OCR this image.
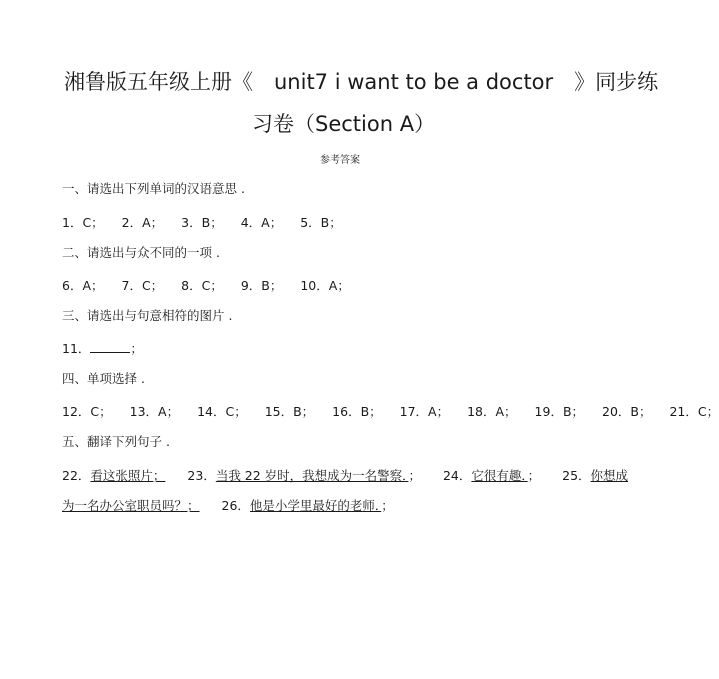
湘鲁版五年级上册《　unit7 i want to be a doctor　》同步练
习卷（Section A）
参考答案
一、请选出下列单词的汉语意思 .
1．C； 2．A； 3．B； 4．A； 5．B；
二、请选出与众不同的一项 .
6．A； 7．C； 8．C； 9．B； 10．A；
三、请选出与句意相符的图片 .
11．	；
四、单项选择 .
12．C； 13．A； 14．C； 15．B； 16．B； 17．A； 18．A； 19．B； 20．B； 21．C；
五、翻译下列句子 .
22．看这张照片； 23．当我 22 岁时，我想成为一名警察．； 24．它很有趣．； 25．你想成
为一名办公室职员吗？； 26．他是小学里最好的老师．；
